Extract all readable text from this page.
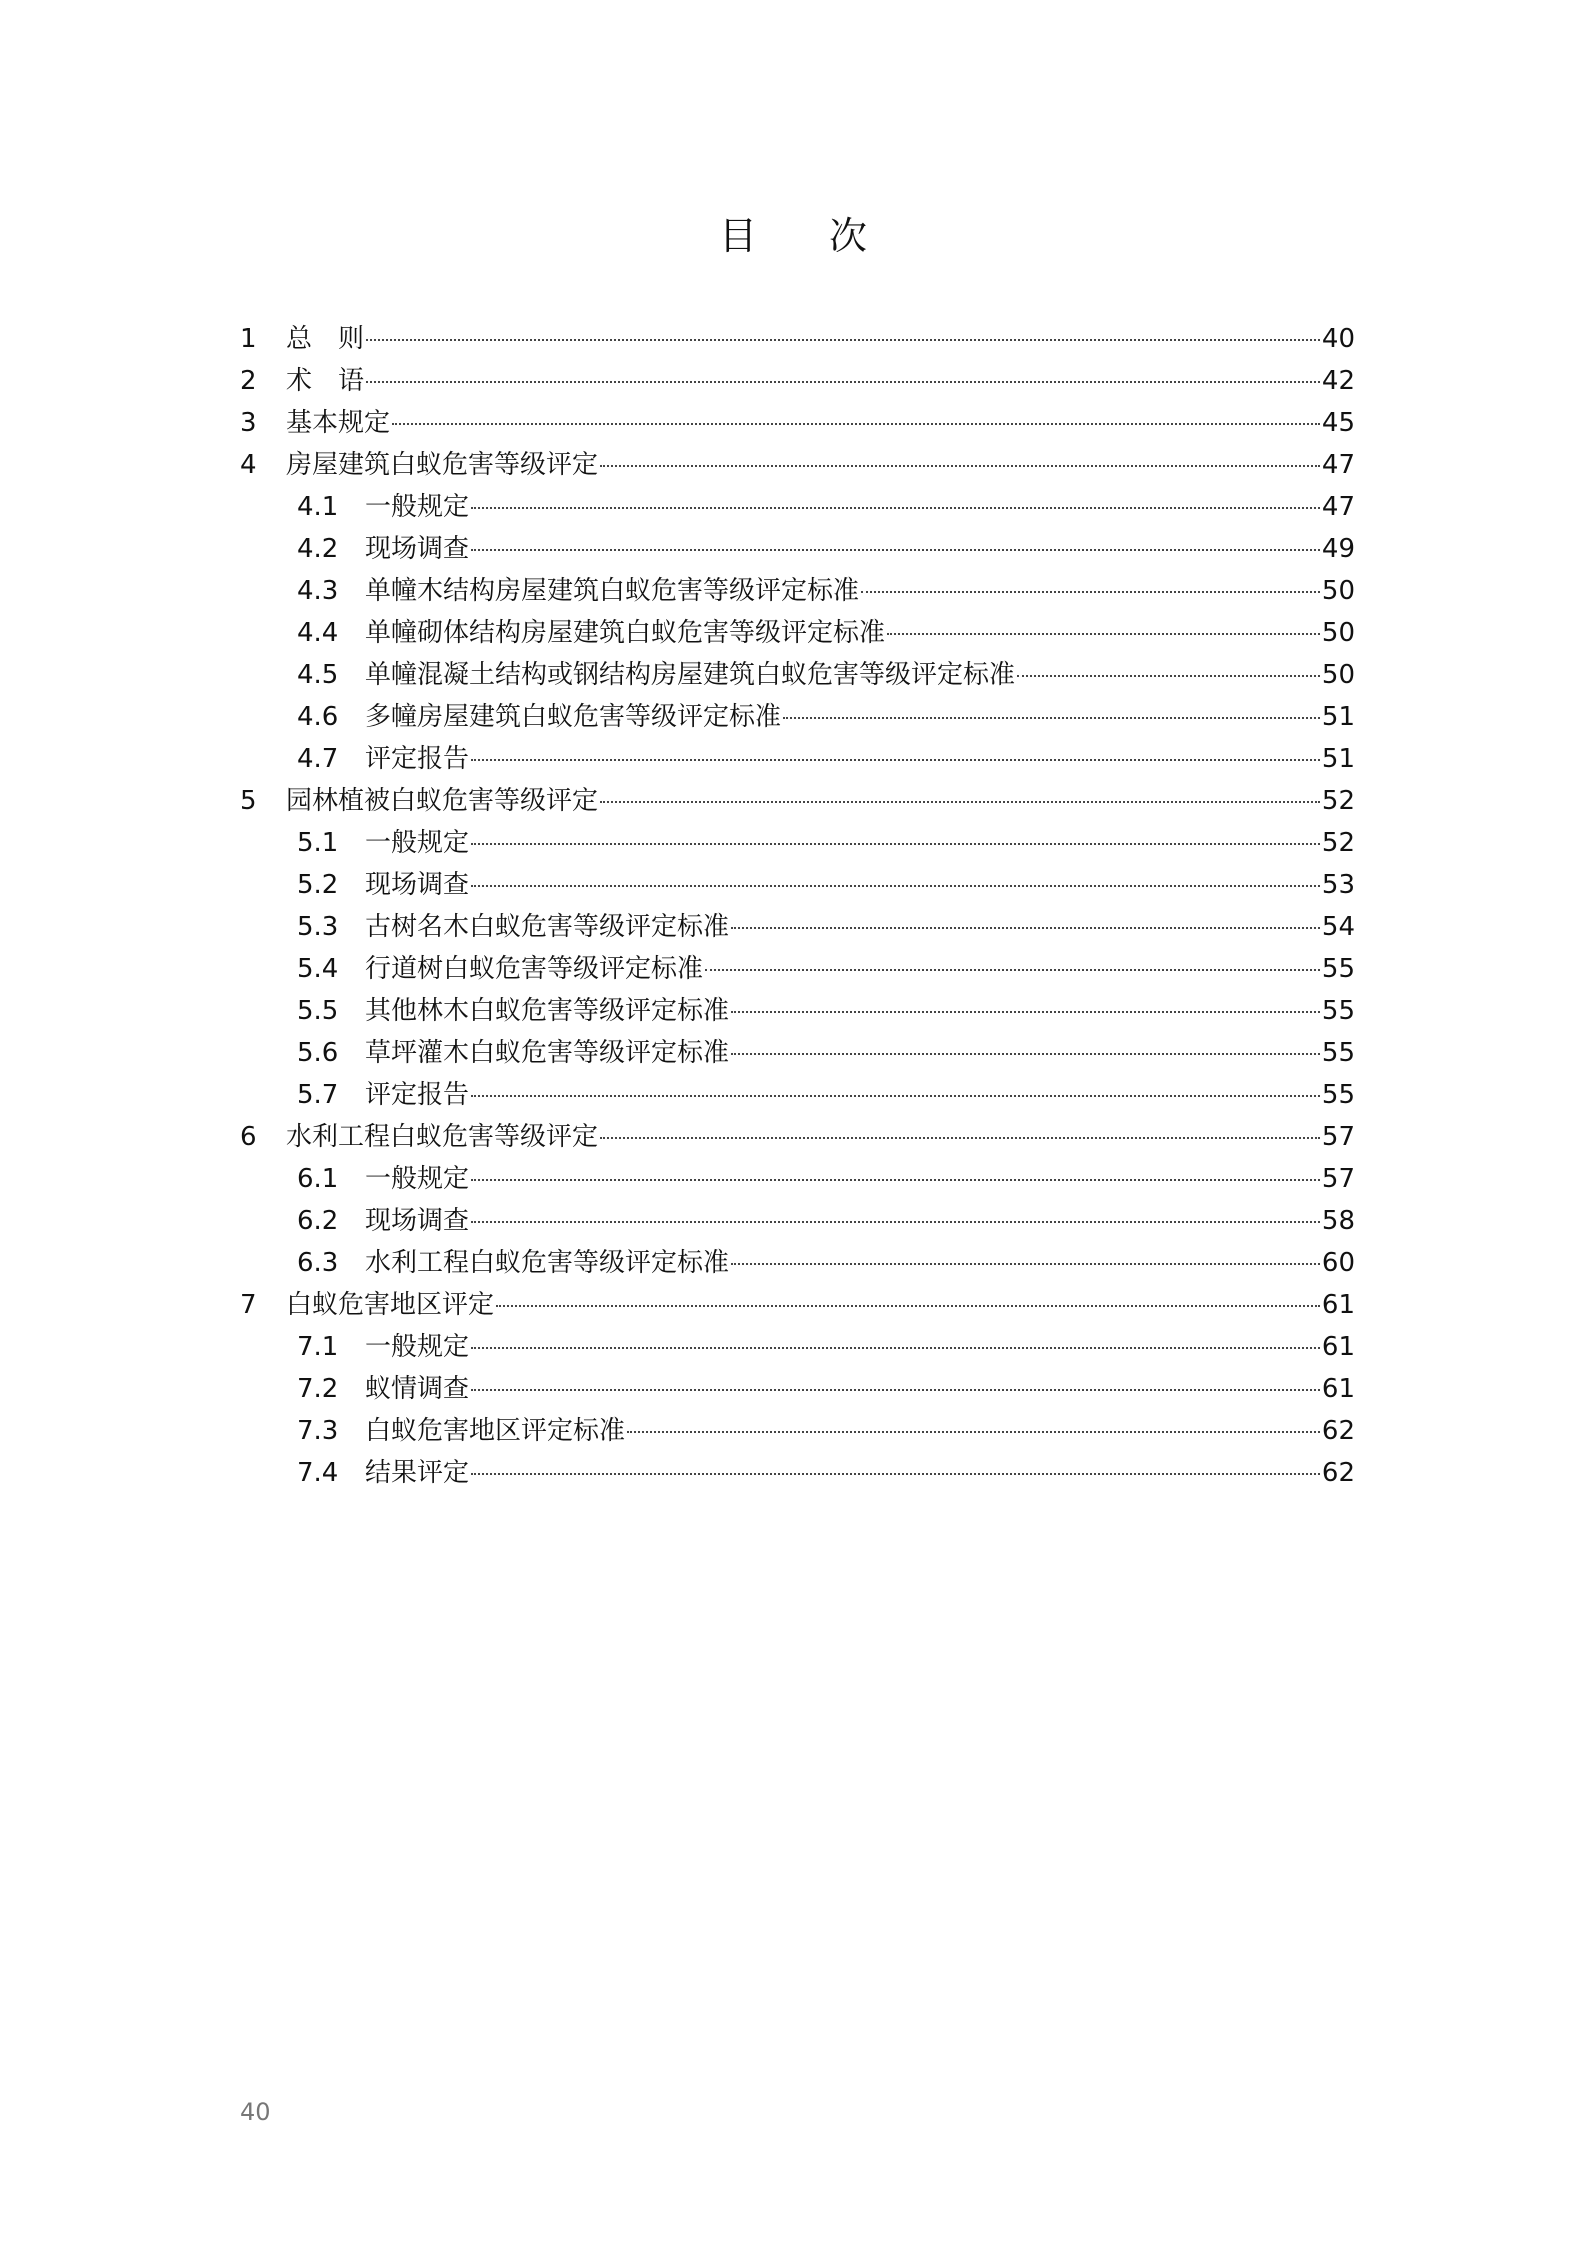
目 次
1	总　则	40
2	术　语	42
3	基本规定	45
4	房屋建筑白蚁危害等级评定	47
4.1	一般规定	47
4.2	现场调查	49
4.3	单幢木结构房屋建筑白蚁危害等级评定标准	50
4.4	单幢砌体结构房屋建筑白蚁危害等级评定标准	50
4.5	单幢混凝土结构或钢结构房屋建筑白蚁危害等级评定标准	50
4.6	多幢房屋建筑白蚁危害等级评定标准	51
4.7	评定报告	51
5	园林植被白蚁危害等级评定	52
5.1	一般规定	52
5.2	现场调查	53
5.3	古树名木白蚁危害等级评定标准	54
5.4	行道树白蚁危害等级评定标准	55
5.5	其他林木白蚁危害等级评定标准	55
5.6	草坪灌木白蚁危害等级评定标准	55
5.7	评定报告	55
6	水利工程白蚁危害等级评定	57
6.1	一般规定	57
6.2	现场调查	58
6.3	水利工程白蚁危害等级评定标准	60
7	白蚁危害地区评定	61
7.1	一般规定	61
7.2	蚁情调查	61
7.3	白蚁危害地区评定标准	62
7.4	结果评定	62
40
